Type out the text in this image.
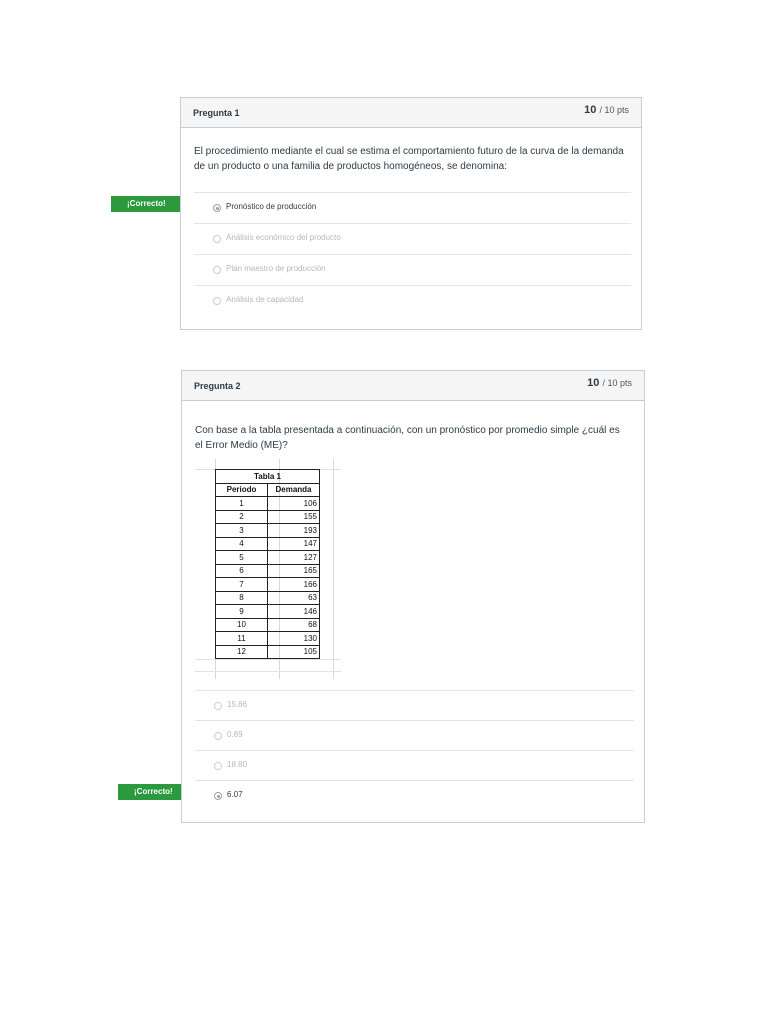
¡Correcto!
Pregunta 1	10 / 10 pts
El procedimiento mediante el cual se estima el comportamiento futuro de la curva de la demanda de un producto o una familia de productos homogéneos, se denomina:
Pronóstico de producción
Análisis económico del producto
Plan maestro de producción
Análisis de capacidad
¡Correcto!
Pregunta 2	10 / 10 pts
Con base a la tabla presentada a continuación, con un pronóstico por promedio simple ¿cuál es el Error Medio (ME)?
Tabla 1	
Periodo	Demanda
1	106
2	155
3	193
4	147
5	127
6	165
7	166
8	63
9	146
10	68
11	130
12	105
15.86
0.89
18.80
6.07
